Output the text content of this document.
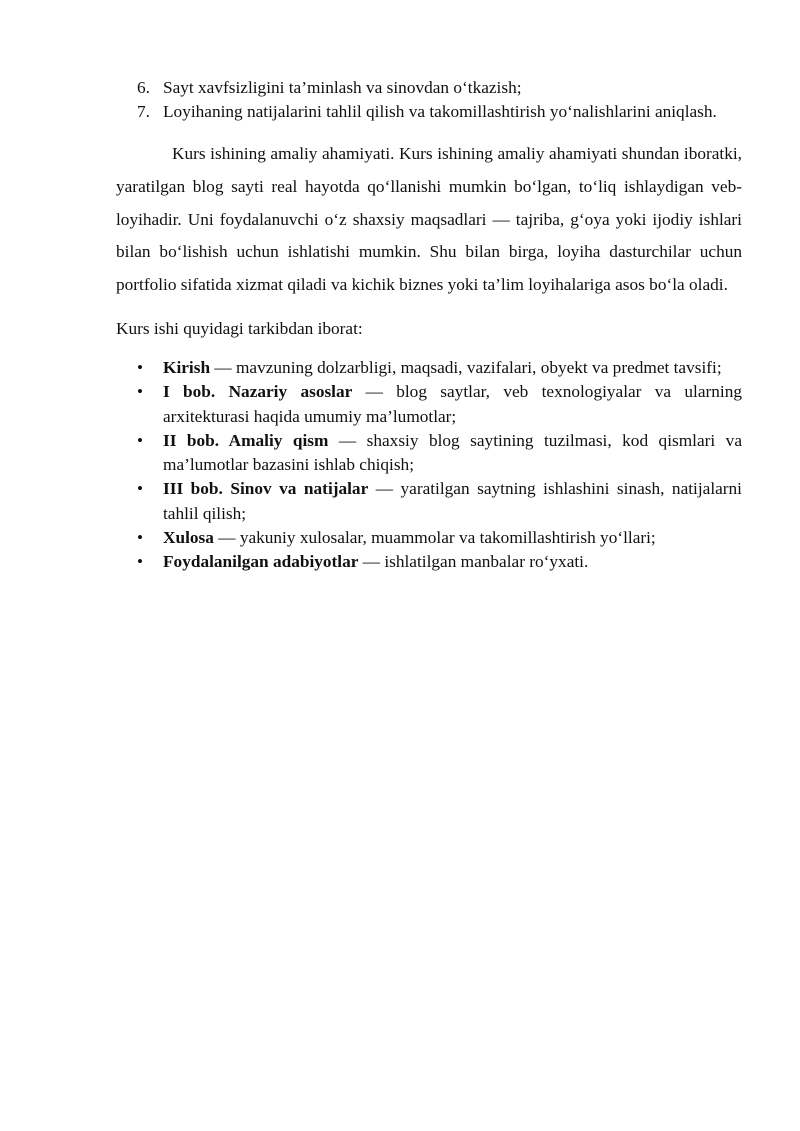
6. Sayt xavfsizligini ta’minlash va sinovdan o‘tkazish;
7. Loyihaning natijalarini tahlil qilish va takomillashtirish yo‘nalishlarini aniqlash.

Kurs ishining amaliy ahamiyati. Kurs ishining amaliy ahamiyati shundan iboratki, yaratilgan blog sayti real hayotda qo‘llanishi mumkin bo‘lgan, to‘liq ishlaydigan veb-loyihadir. Uni foydalanuvchi o‘z shaxsiy maqsadlari — tajriba, g‘oya yoki ijodiy ishlari bilan bo‘lishish uchun ishlatishi mumkin. Shu bilan birga, loyiha dasturchilar uchun portfolio sifatida xizmat qiladi va kichik biznes yoki ta’lim loyihalariga asos bo‘la oladi.

Kurs ishi quyidagi tarkibdan iborat:

• Kirish — mavzuning dolzarbligi, maqsadi, vazifalari, obyekt va predmet tavsifi;
• I bob. Nazariy asoslar — blog saytlar, veb texnologiyalar va ularning arxitekturasi haqida umumiy ma’lumotlar;
• II bob. Amaliy qism — shaxsiy blog saytining tuzilmasi, kod qismlari va ma’lumotlar bazasini ishlab chiqish;
• III bob. Sinov va natijalar — yaratilgan saytning ishlashini sinash, natijalarni tahlil qilish;
• Xulosa — yakuniy xulosalar, muammolar va takomillashtirish yo‘llari;
• Foydalanilgan adabiyotlar — ishlatilgan manbalar ro‘yxati.
